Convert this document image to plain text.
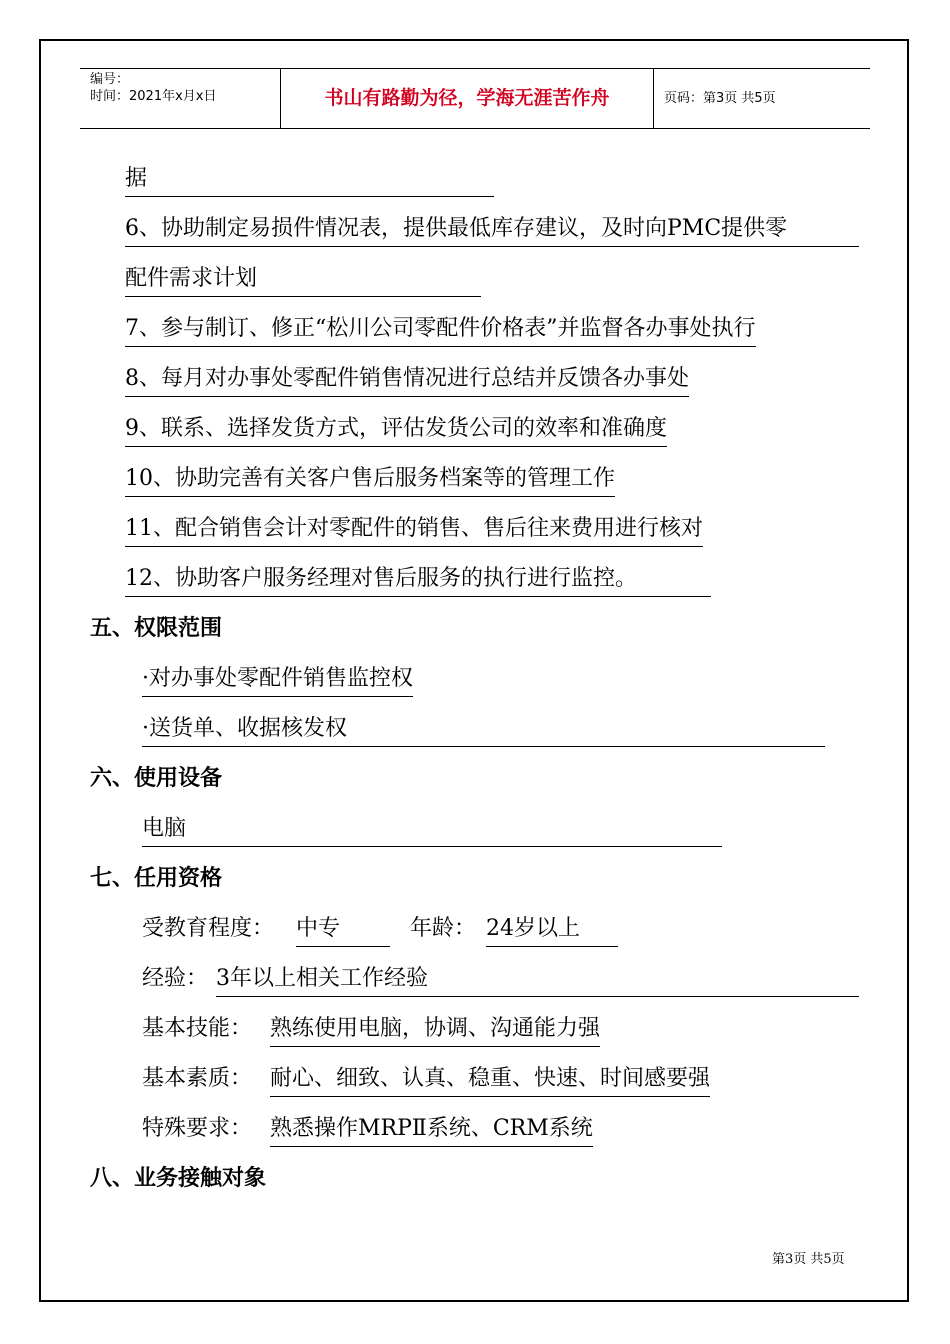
编号：
时间：2021年x月x日	书山有路勤为径，学海无涯苦作舟	页码：第3页 共5页
据
6、协助制定易损件情况表，提供最低库存建议，及时向PMC提供零
配件需求计划
7、参与制订、修正“松川公司零配件价格表”并监督各办事处执行
8、每月对办事处零配件销售情况进行总结并反馈各办事处
9、联系、选择发货方式，评估发货公司的效率和准确度
10、协助完善有关客户售后服务档案等的管理工作
11、配合销售会计对零配件的销售、售后往来费用进行核对
12、协助客户服务经理对售后服务的执行进行监控。
五、权限范围
·对办事处零配件销售监控权
·送货单、收据核发权
六、使用设备
电脑
七、任用资格
受教育程度： 中专	年龄： 24岁以上
经验： 3年以上相关工作经验
基本技能： 熟练使用电脑，协调、沟通能力强
基本素质： 耐心、细致、认真、稳重、快速、时间感要强
特殊要求： 熟悉操作MRPⅡ系统、CRM系统
八、业务接触对象
第3页 共5页
